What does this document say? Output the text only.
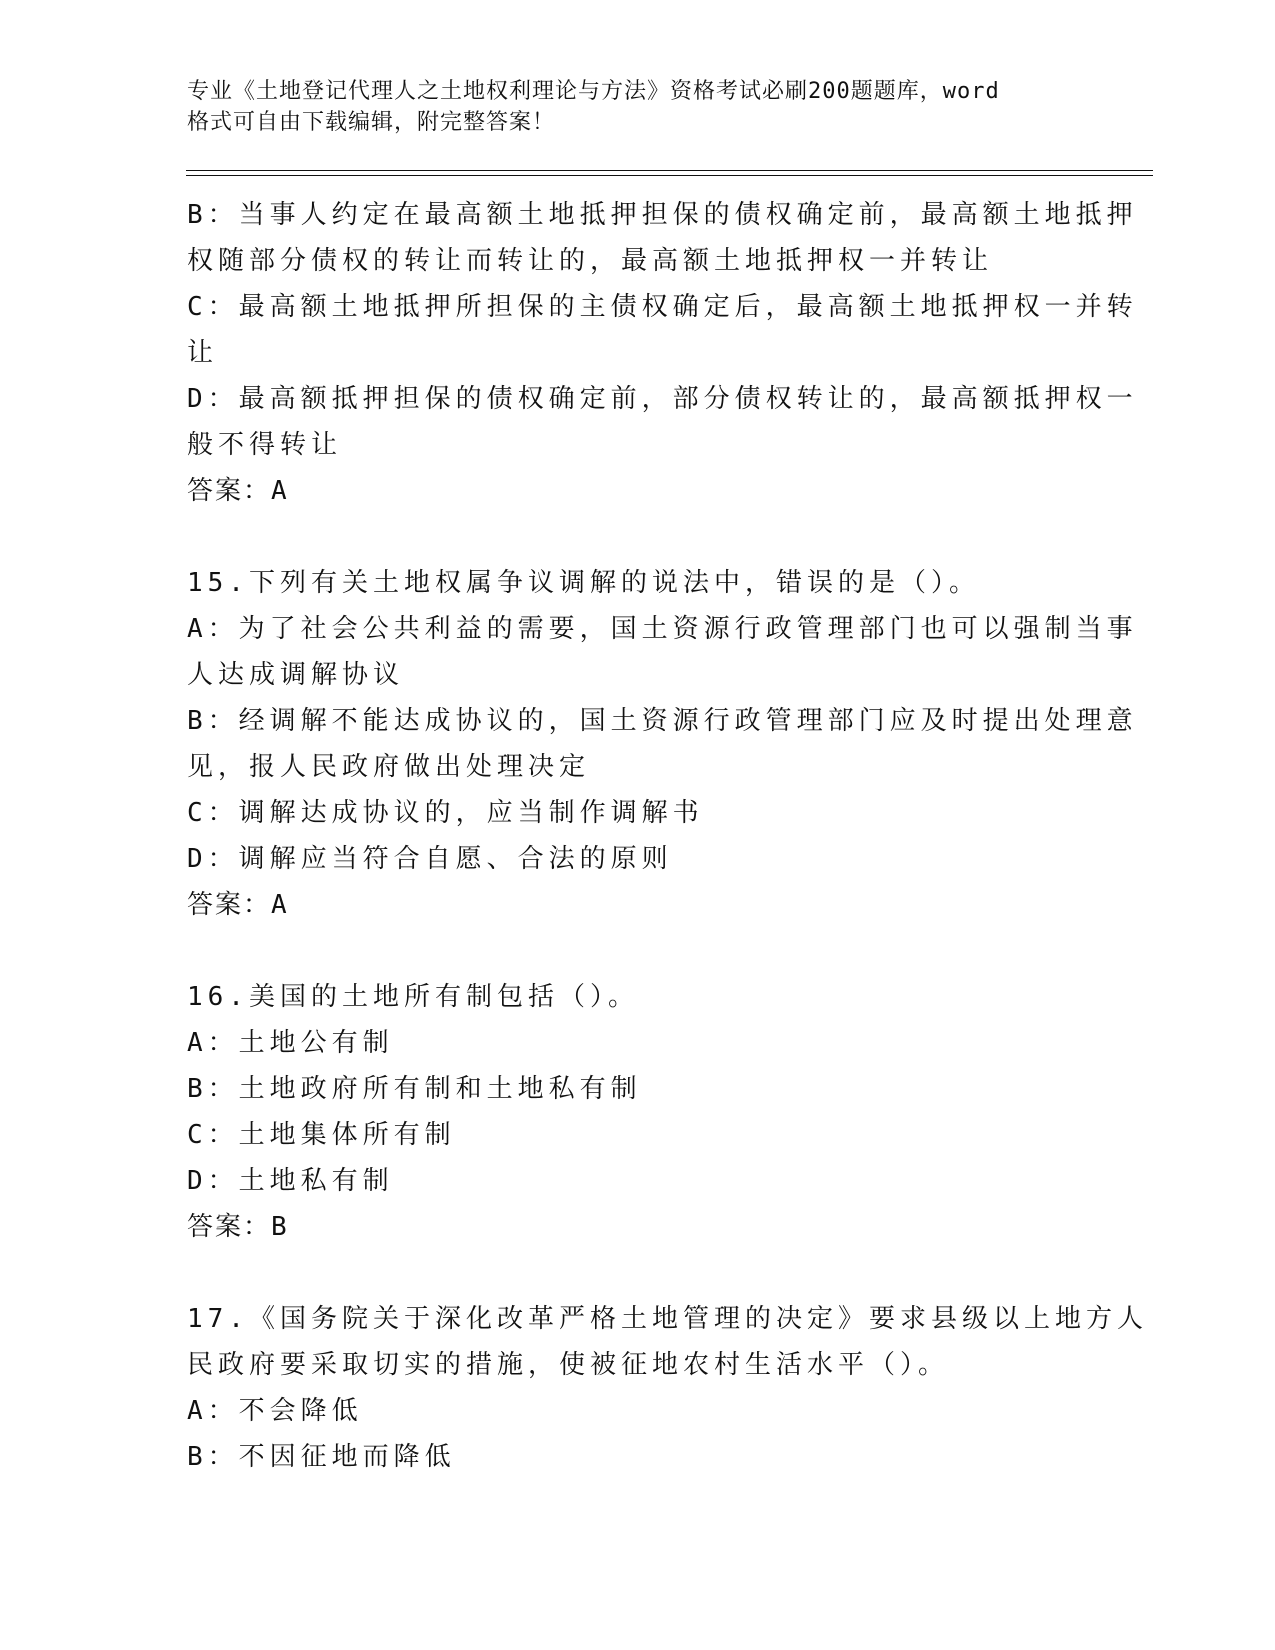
专业《土地登记代理人之土地权利理论与方法》资格考试必刷200题题库，word
格式可自由下载编辑，附完整答案！
B：当事人约定在最高额土地抵押担保的债权确定前，最高额土地抵押
权随部分债权的转让而转让的，最高额土地抵押权一并转让
C：最高额土地抵押所担保的主债权确定后，最高额土地抵押权一并转
让
D：最高额抵押担保的债权确定前，部分债权转让的，最高额抵押权一
般不得转让
答案：A
15.下列有关土地权属争议调解的说法中，错误的是（）。
A：为了社会公共利益的需要，国土资源行政管理部门也可以强制当事
人达成调解协议
B：经调解不能达成协议的，国土资源行政管理部门应及时提出处理意
见，报人民政府做出处理决定
C：调解达成协议的，应当制作调解书
D：调解应当符合自愿、合法的原则
答案：A
16.美国的土地所有制包括（）。
A：土地公有制
B：土地政府所有制和土地私有制
C：土地集体所有制
D：土地私有制
答案：B
17.《国务院关于深化改革严格土地管理的决定》要求县级以上地方人
民政府要采取切实的措施，使被征地农村生活水平（）。
A：不会降低
B：不因征地而降低
